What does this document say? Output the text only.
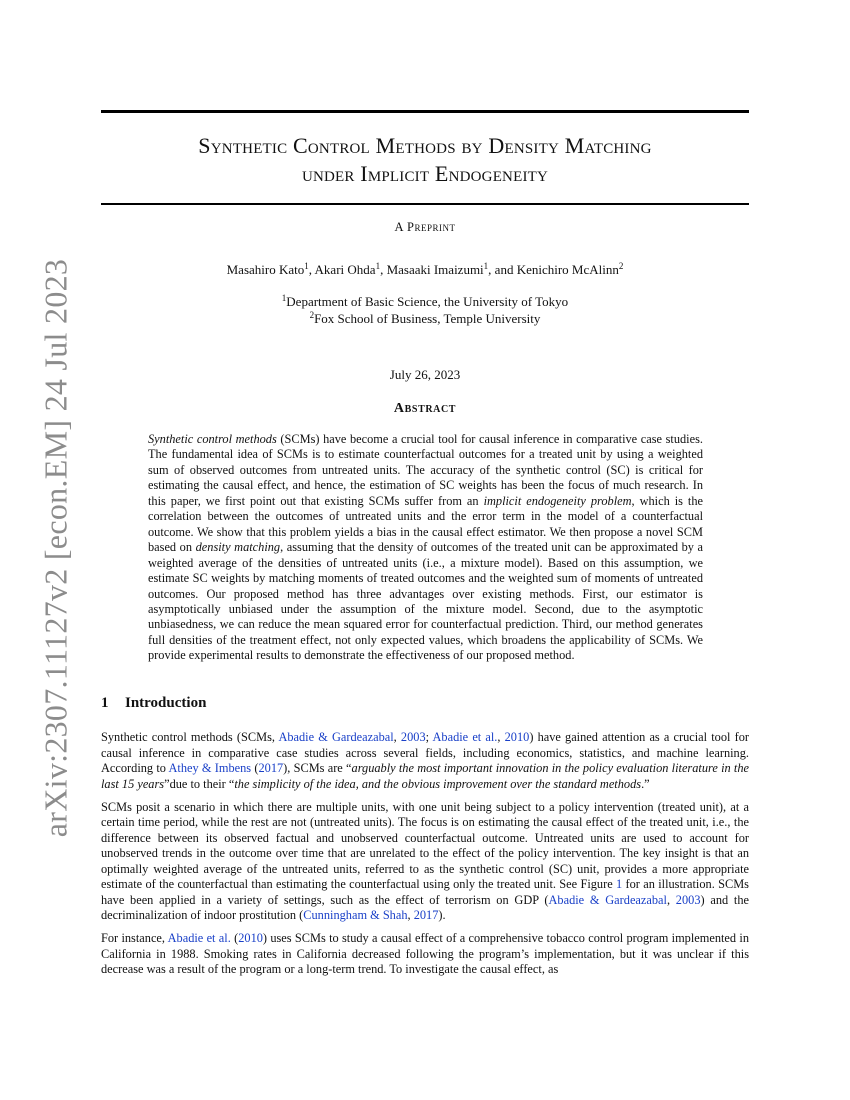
arXiv:2307.11127v2 [econ.EM] 24 Jul 2023
Synthetic Control Methods by Density Matching
under Implicit Endogeneity
A Preprint
Masahiro Kato$^1$, Akari Ohda$^1$, Masaaki Imaizumi$^1$, and Kenichiro McAlinn$^2$
$^1$Department of Basic Science, the University of Tokyo
$^2$Fox School of Business, Temple University
July 26, 2023
Abstract
Synthetic control methods (SCMs) have become a crucial tool for causal inference in comparative case studies. The fundamental idea of SCMs is to estimate counterfactual outcomes for a treated unit by using a weighted sum of observed outcomes from untreated units. The accuracy of the synthetic control (SC) is critical for estimating the causal effect, and hence, the estimation of SC weights has been the focus of much research. In this paper, we first point out that existing SCMs suffer from an implicit endogeneity problem, which is the correlation between the outcomes of untreated units and the error term in the model of a counterfactual outcome. We show that this problem yields a bias in the causal effect estimator. We then propose a novel SCM based on density matching, assuming that the density of outcomes of the treated unit can be approximated by a weighted average of the densities of untreated units (i.e., a mixture model). Based on this assumption, we estimate SC weights by matching moments of treated outcomes and the weighted sum of moments of untreated outcomes. Our proposed method has three advantages over existing methods. First, our estimator is asymptotically unbiased under the assumption of the mixture model. Second, due to the asymptotic unbiasedness, we can reduce the mean squared error for counterfactual prediction. Third, our method generates full densities of the treatment effect, not only expected values, which broadens the applicability of SCMs. We provide experimental results to demonstrate the effectiveness of our proposed method.
1 Introduction

Synthetic control methods (SCMs, Abadie & Gardeazabal, 2003; Abadie et al., 2010) have gained attention as a crucial tool for causal inference in comparative case studies across several fields, including economics, statistics, and machine learning. According to Athey & Imbens (2017), SCMs are “arguably the most important innovation in the policy evaluation literature in the last 15 years”due to their “the simplicity of the idea, and the obvious improvement over the standard methods.”

SCMs posit a scenario in which there are multiple units, with one unit being subject to a policy intervention (treated unit), at a certain time period, while the rest are not (untreated units). The focus is on estimating the causal effect of the treated unit, i.e., the difference between its observed factual and unobserved counterfactual outcome. Untreated units are used to account for unobserved trends in the outcome over time that are unrelated to the effect of the policy intervention. The key insight is that an optimally weighted average of the untreated units, referred to as the synthetic control (SC) unit, provides a more appropriate estimate of the counterfactual than estimating the counterfactual using only the treated unit. See Figure 1 for an illustration. SCMs have been applied in a variety of settings, such as the effect of terrorism on GDP (Abadie & Gardeazabal, 2003) and the decriminalization of indoor prostitution (Cunningham & Shah, 2017).

For instance, Abadie et al. (2010) uses SCMs to study a causal effect of a comprehensive tobacco control program implemented in California in 1988. Smoking rates in California decreased following the program’s implementation, but it was unclear if this decrease was a result of the program or a long-term trend. To investigate the causal effect, as
